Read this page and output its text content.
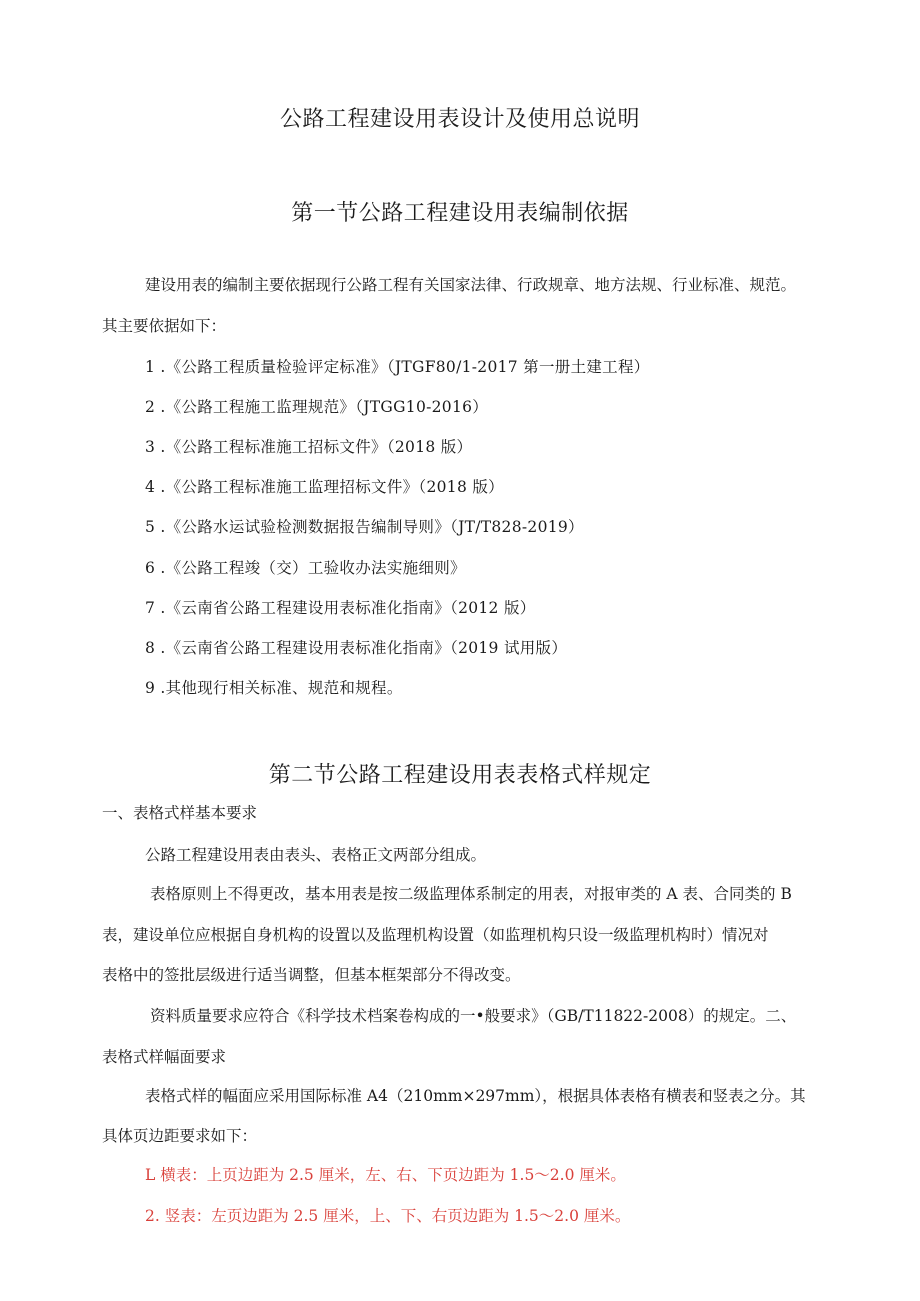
公路工程建设用表设计及使用总说明
第一节公路工程建设用表编制依据
建设用表的编制主要依据现行公路工程有关国家法律、行政规章、地方法规、行业标准、规范。
其主要依据如下：
1 .《公路工程质量检验评定标准》（JTGF80/1-2017 第一册土建工程）
2 .《公路工程施工监理规范》（JTGG10-2016）
3 .《公路工程标准施工招标文件》（2018 版）
4 .《公路工程标准施工监理招标文件》（2018 版）
5 .《公路水运试验检测数据报告编制导则》（JT/T828-2019）
6 .《公路工程竣（交）工验收办法实施细则》
7 .《云南省公路工程建设用表标准化指南》（2012 版）
8 .《云南省公路工程建设用表标准化指南》（2019 试用版）
9 .其他现行相关标准、规范和规程。
第二节公路工程建设用表表格式样规定
一、表格式样基本要求
公路工程建设用表由表头、表格正文两部分组成。
表格原则上不得更改，基本用表是按二级监理体系制定的用表，对报审类的 A 表、合同类的 B
表，建设单位应根据自身机构的设置以及监理机构设置（如监理机构只设一级监理机构时）情况对
表格中的签批层级进行适当调整，但基本框架部分不得改变。
资料质量要求应符合《科学技术档案卷构成的一•般要求》（GB/T11822-2008）的规定。二、
表格式样幅面要求
表格式样的幅面应采用国际标准 A4（210mm×297mm），根据具体表格有横表和竖表之分。其
具体页边距要求如下：
L 横表：上页边距为 2.5 厘米，左、右、下页边距为 1.5～2.0 厘米。
2. 竖表：左页边距为 2.5 厘米，上、下、右页边距为 1.5～2.0 厘米。
